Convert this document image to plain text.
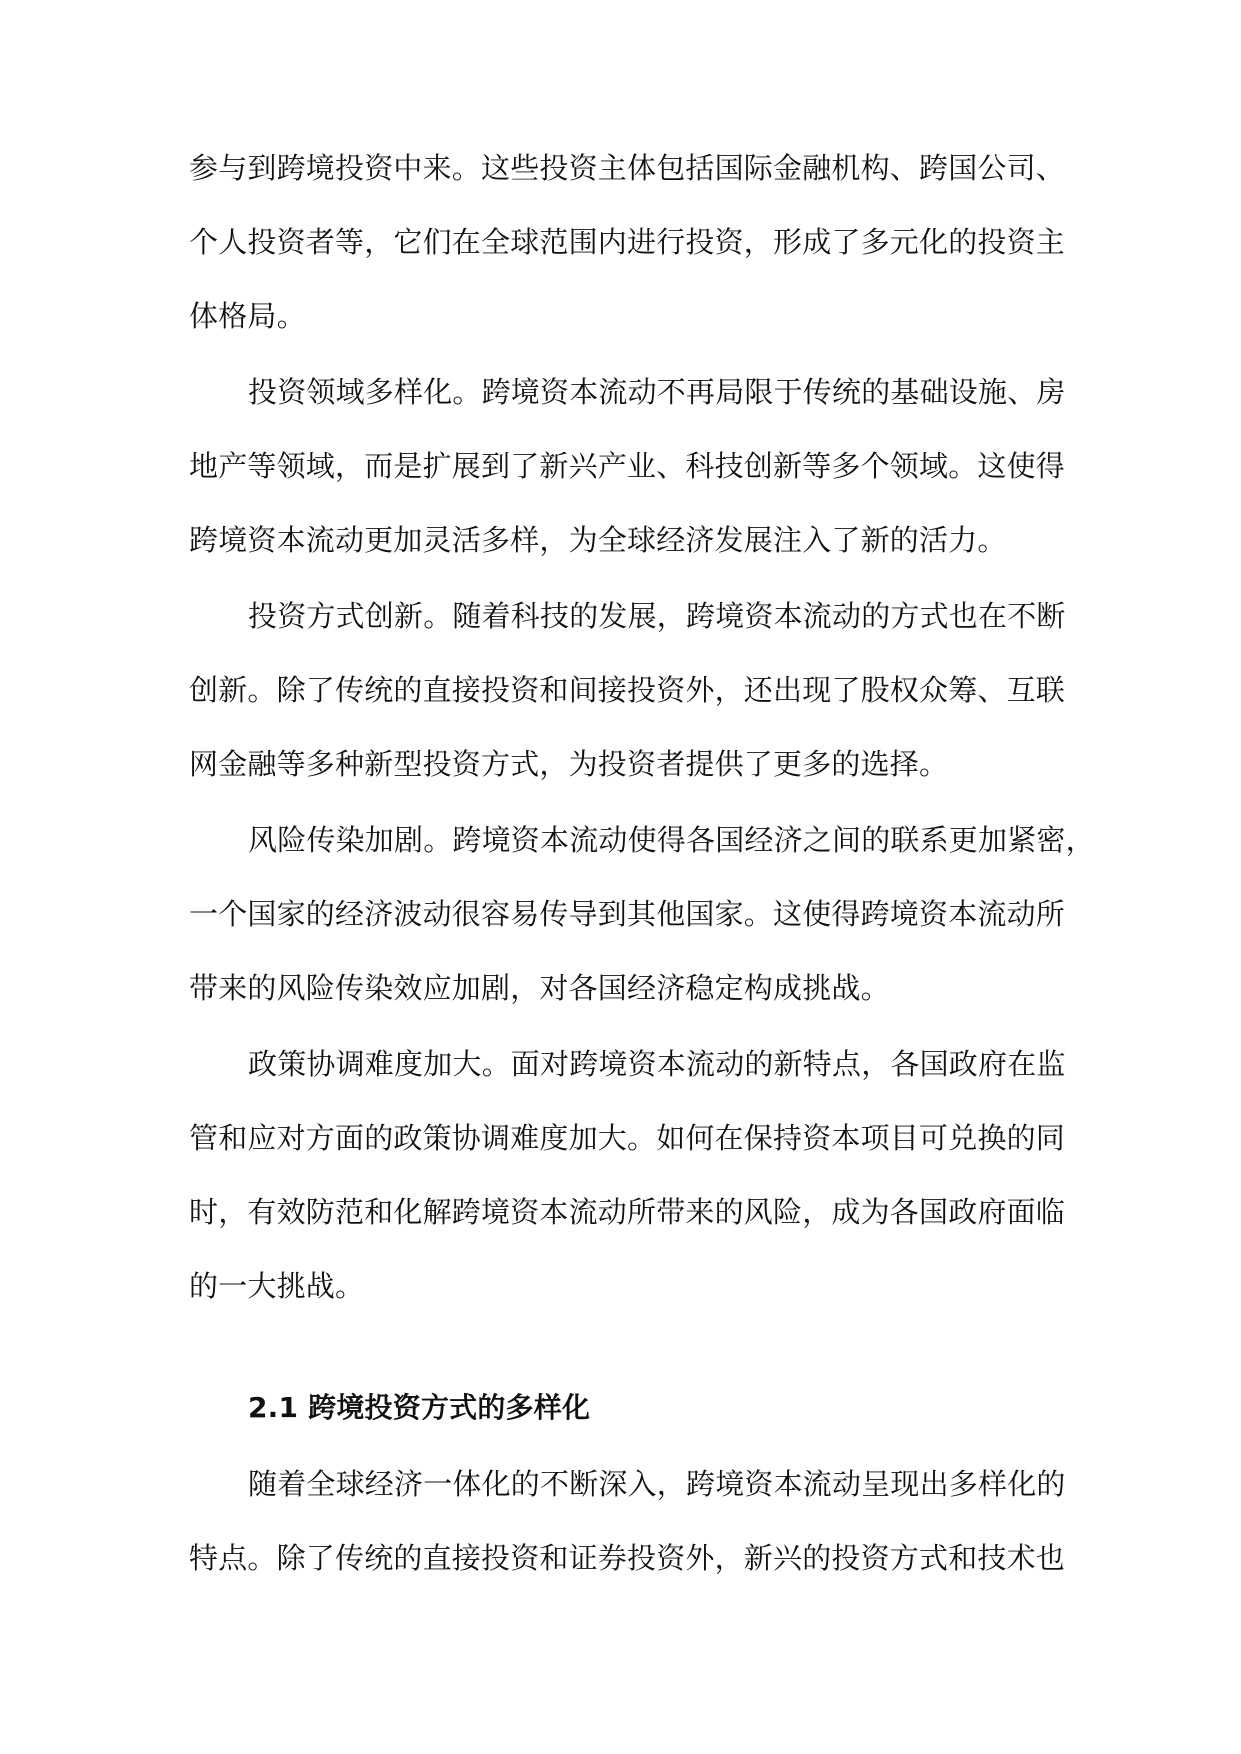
参与到跨境投资中来。这些投资主体包括国际金融机构、跨国公司、
个人投资者等，它们在全球范围内进行投资，形成了多元化的投资主
体格局。
投资领域多样化。跨境资本流动不再局限于传统的基础设施、房
地产等领域，而是扩展到了新兴产业、科技创新等多个领域。这使得
跨境资本流动更加灵活多样，为全球经济发展注入了新的活力。
投资方式创新。随着科技的发展，跨境资本流动的方式也在不断
创新。除了传统的直接投资和间接投资外，还出现了股权众筹、互联
网金融等多种新型投资方式，为投资者提供了更多的选择。
风险传染加剧。跨境资本流动使得各国经济之间的联系更加紧密，
一个国家的经济波动很容易传导到其他国家。这使得跨境资本流动所
带来的风险传染效应加剧，对各国经济稳定构成挑战。
政策协调难度加大。面对跨境资本流动的新特点，各国政府在监
管和应对方面的政策协调难度加大。如何在保持资本项目可兑换的同
时，有效防范和化解跨境资本流动所带来的风险，成为各国政府面临
的一大挑战。
2.1 跨境投资方式的多样化
随着全球经济一体化的不断深入，跨境资本流动呈现出多样化的
特点。除了传统的直接投资和证券投资外，新兴的投资方式和技术也
